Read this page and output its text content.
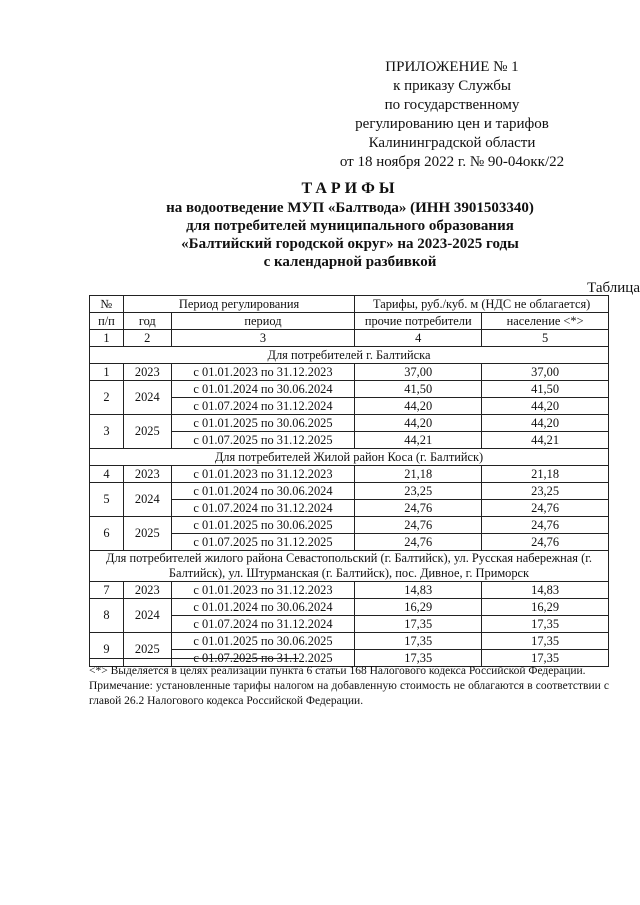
ПРИЛОЖЕНИЕ № 1
к приказу Службы
по государственному
регулированию цен и тарифов
Калининградской области
от 18 ноября 2022 г. № 90-04окк/22
ТАРИФЫ
на водоотведение МУП «Балтвода» (ИНН 3901503340)
для потребителей муниципального образования
«Балтийский городской округ» на 2023-2025 годы
с календарной разбивкой
Таблица
№	Период регулирования		Тарифы, руб./куб. м (НДС не облагается)	
п/п	год	период	прочие потребители	население <*>
1	2	3	4	5
Для потребителей г. Балтийска				
1	2023	с 01.01.2023 по 31.12.2023	37,00	37,00
2	2024	с 01.01.2024 по 30.06.2024	41,50	41,50
		с 01.07.2024 по 31.12.2024	44,20	44,20
3	2025	с 01.01.2025 по 30.06.2025	44,20	44,20
		с 01.07.2025 по 31.12.2025	44,21	44,21
Для потребителей Жилой район Коса (г. Балтийск)				
4	2023	с 01.01.2023 по 31.12.2023	21,18	21,18
5	2024	с 01.01.2024 по 30.06.2024	23,25	23,25
		с 01.07.2024 по 31.12.2024	24,76	24,76
6	2025	с 01.01.2025 по 30.06.2025	24,76	24,76
		с 01.07.2025 по 31.12.2025	24,76	24,76
Для потребителей жилого района Севастопольский (г. Балтийск), ул. Русская набережная (г. Балтийск), ул. Штурманская (г. Балтийск), пос. Дивное, г. Приморск				
7	2023	с 01.01.2023 по 31.12.2023	14,83	14,83
8	2024	с 01.01.2024 по 30.06.2024	16,29	16,29
		с 01.07.2024 по 31.12.2024	17,35	17,35
9	2025	с 01.01.2025 по 30.06.2025	17,35	17,35
		с 01.07.2025 по 31.12.2025	17,35	17,35
<*> Выделяется в целях реализации пункта 6 статьи 168 Налогового кодекса Российской Федерации.
Примечание: установленные тарифы налогом на добавленную стоимость не облагаются в соответствии с главой 26.2 Налогового кодекса Российской Федерации.
